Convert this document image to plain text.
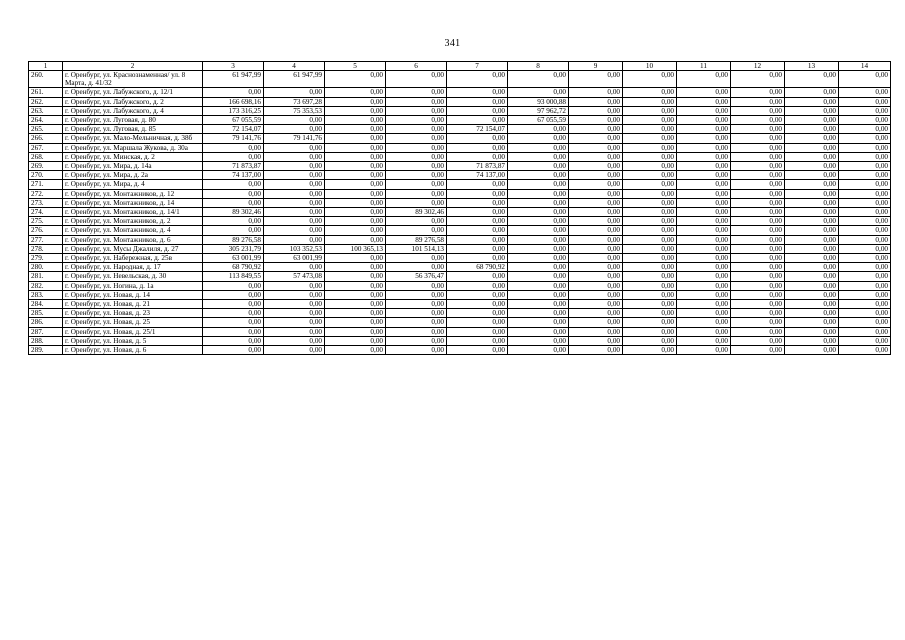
341
1	2	3	4	5	6	7	8	9	10	11	12	13	14
260.	г. Оренбург, ул. Краснознаменная/ ул. 8 Марта, д. 41/32	61 947,99	61 947,99	0,00	0,00	0,00	0,00	0,00	0,00	0,00	0,00	0,00	0,00
261.	г. Оренбург, ул. Лабужского, д. 12/1	0,00	0,00	0,00	0,00	0,00	0,00	0,00	0,00	0,00	0,00	0,00	0,00
262.	г. Оренбург, ул. Лабужского, д. 2	166 698,16	73 697,28	0,00	0,00	0,00	93 000,88	0,00	0,00	0,00	0,00	0,00	0,00
263.	г. Оренбург, ул. Лабужского, д. 4	173 316,25	75 353,53	0,00	0,00	0,00	97 962,72	0,00	0,00	0,00	0,00	0,00	0,00
264.	г. Оренбург, ул. Луговая, д. 80	67 055,59	0,00	0,00	0,00	0,00	67 055,59	0,00	0,00	0,00	0,00	0,00	0,00
265.	г. Оренбург, ул. Луговая, д. 85	72 154,07	0,00	0,00	0,00	72 154,07	0,00	0,00	0,00	0,00	0,00	0,00	0,00
266.	г. Оренбург, ул. Мало-Мельничная, д. 38б	79 141,76	79 141,76	0,00	0,00	0,00	0,00	0,00	0,00	0,00	0,00	0,00	0,00
267.	г. Оренбург, ул. Маршала Жукова, д. 30а	0,00	0,00	0,00	0,00	0,00	0,00	0,00	0,00	0,00	0,00	0,00	0,00
268.	г. Оренбург, ул. Минская, д. 2	0,00	0,00	0,00	0,00	0,00	0,00	0,00	0,00	0,00	0,00	0,00	0,00
269.	г. Оренбург, ул. Мира, д. 14а	71 873,87	0,00	0,00	0,00	71 873,87	0,00	0,00	0,00	0,00	0,00	0,00	0,00
270.	г. Оренбург, ул. Мира, д. 2а	74 137,00	0,00	0,00	0,00	74 137,00	0,00	0,00	0,00	0,00	0,00	0,00	0,00
271.	г. Оренбург, ул. Мира, д. 4	0,00	0,00	0,00	0,00	0,00	0,00	0,00	0,00	0,00	0,00	0,00	0,00
272.	г. Оренбург, ул. Монтажников, д. 12	0,00	0,00	0,00	0,00	0,00	0,00	0,00	0,00	0,00	0,00	0,00	0,00
273.	г. Оренбург, ул. Монтажников, д. 14	0,00	0,00	0,00	0,00	0,00	0,00	0,00	0,00	0,00	0,00	0,00	0,00
274.	г. Оренбург, ул. Монтажников, д. 14/1	89 302,46	0,00	0,00	89 302,46	0,00	0,00	0,00	0,00	0,00	0,00	0,00	0,00
275.	г. Оренбург, ул. Монтажников, д. 2	0,00	0,00	0,00	0,00	0,00	0,00	0,00	0,00	0,00	0,00	0,00	0,00
276.	г. Оренбург, ул. Монтажников, д. 4	0,00	0,00	0,00	0,00	0,00	0,00	0,00	0,00	0,00	0,00	0,00	0,00
277.	г. Оренбург, ул. Монтажников, д. 6	89 276,58	0,00	0,00	89 276,58	0,00	0,00	0,00	0,00	0,00	0,00	0,00	0,00
278.	г. Оренбург, ул. Мусы Джалиля, д. 27	305 231,79	103 352,53	100 365,13	101 514,13	0,00	0,00	0,00	0,00	0,00	0,00	0,00	0,00
279.	г. Оренбург, ул. Набережная, д. 25в	63 001,99	63 001,99	0,00	0,00	0,00	0,00	0,00	0,00	0,00	0,00	0,00	0,00
280.	г. Оренбург, ул. Народная, д. 17	68 790,92	0,00	0,00	0,00	68 790,92	0,00	0,00	0,00	0,00	0,00	0,00	0,00
281.	г. Оренбург, ул. Невельская, д. 30	113 849,55	57 473,08	0,00	56 376,47	0,00	0,00	0,00	0,00	0,00	0,00	0,00	0,00
282.	г. Оренбург, ул. Ногина, д. 1а	0,00	0,00	0,00	0,00	0,00	0,00	0,00	0,00	0,00	0,00	0,00	0,00
283.	г. Оренбург, ул. Новая, д. 14	0,00	0,00	0,00	0,00	0,00	0,00	0,00	0,00	0,00	0,00	0,00	0,00
284.	г. Оренбург, ул. Новая, д. 21	0,00	0,00	0,00	0,00	0,00	0,00	0,00	0,00	0,00	0,00	0,00	0,00
285.	г. Оренбург, ул. Новая, д. 23	0,00	0,00	0,00	0,00	0,00	0,00	0,00	0,00	0,00	0,00	0,00	0,00
286.	г. Оренбург, ул. Новая, д. 25	0,00	0,00	0,00	0,00	0,00	0,00	0,00	0,00	0,00	0,00	0,00	0,00
287.	г. Оренбург, ул. Новая, д. 25/1	0,00	0,00	0,00	0,00	0,00	0,00	0,00	0,00	0,00	0,00	0,00	0,00
288.	г. Оренбург, ул. Новая, д. 5	0,00	0,00	0,00	0,00	0,00	0,00	0,00	0,00	0,00	0,00	0,00	0,00
289.	г. Оренбург, ул. Новая, д. 6	0,00	0,00	0,00	0,00	0,00	0,00	0,00	0,00	0,00	0,00	0,00	0,00
